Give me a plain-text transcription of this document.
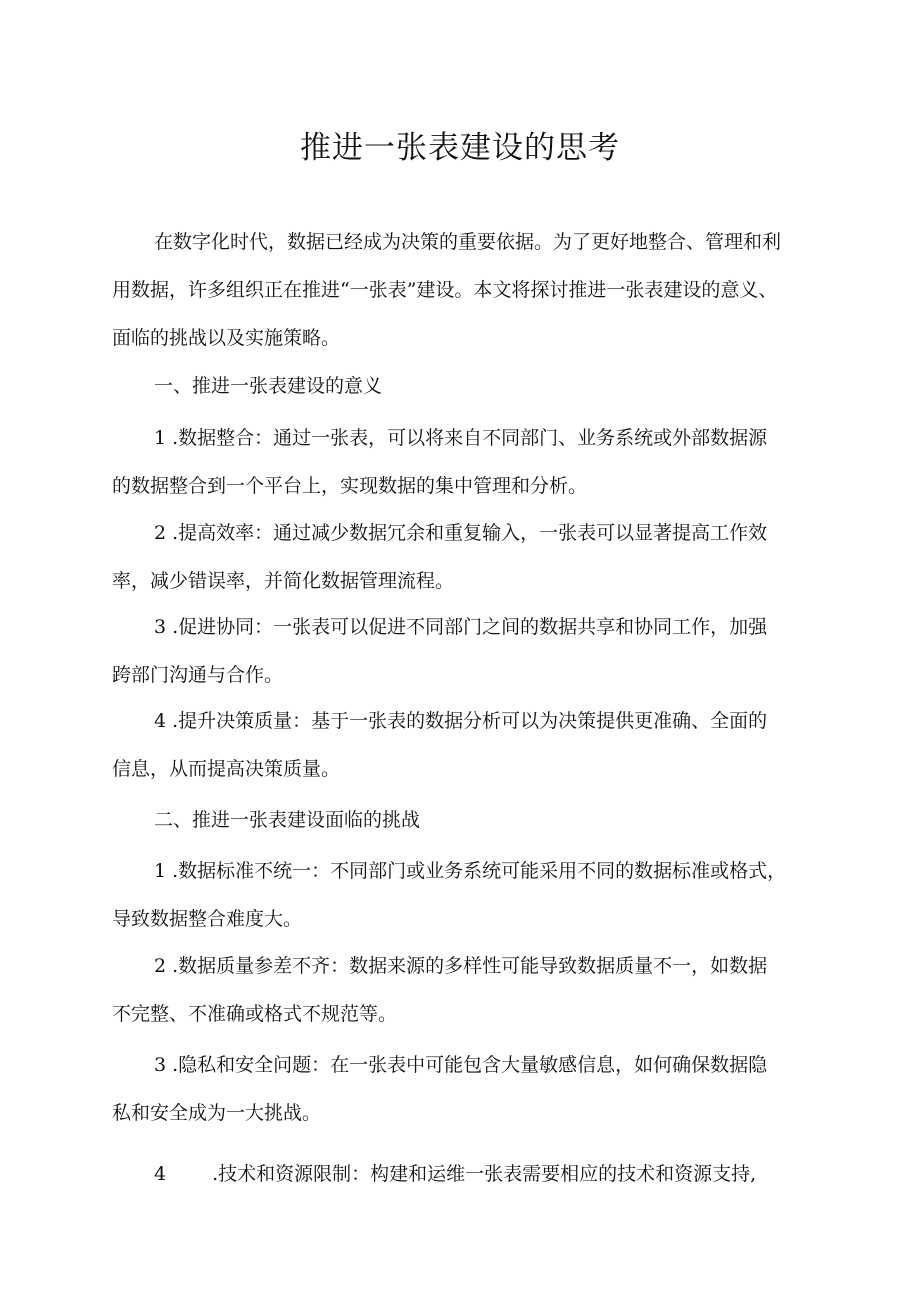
推进一张表建设的思考
在数字化时代，数据已经成为决策的重要依据。为了更好地整合、管理和利
用数据，许多组织正在推进“一张表”建设。本文将探讨推进一张表建设的意义、
面临的挑战以及实施策略。
一、推进一张表建设的意义
1 .数据整合：通过一张表，可以将来自不同部门、业务系统或外部数据源
的数据整合到一个平台上，实现数据的集中管理和分析。
2 .提高效率：通过减少数据冗余和重复输入，一张表可以显著提高工作效
率，减少错误率，并简化数据管理流程。
3 .促进协同：一张表可以促进不同部门之间的数据共享和协同工作，加强
跨部门沟通与合作。
4 .提升决策质量：基于一张表的数据分析可以为决策提供更准确、全面的
信息，从而提高决策质量。
二、推进一张表建设面临的挑战
1 .数据标准不统一：不同部门或业务系统可能采用不同的数据标准或格式，
导致数据整合难度大。
2 .数据质量参差不齐：数据来源的多样性可能导致数据质量不一，如数据
不完整、不准确或格式不规范等。
3 .隐私和安全问题：在一张表中可能包含大量敏感信息，如何确保数据隐
私和安全成为一大挑战。
4 .技术和资源限制：构建和运维一张表需要相应的技术和资源支持,
